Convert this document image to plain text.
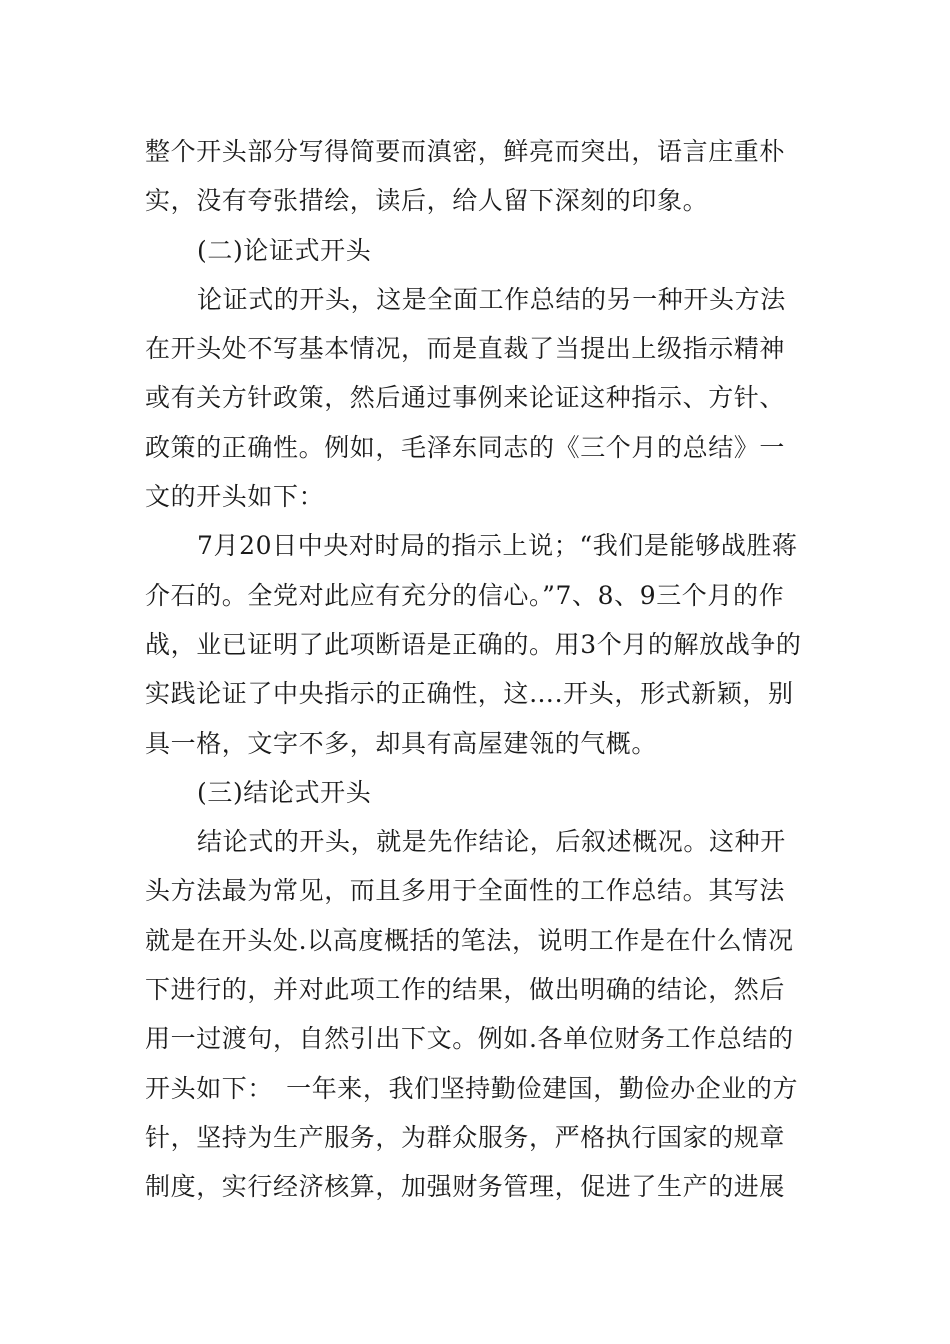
整个开头部分写得简要而滇密，鲜亮而突出，语言庄重朴
实，没有夸张措绘，读后，给人留下深刻的印象。
(二)论证式开头
论证式的开头，这是全面工作总结的另一种开头方法
在开头处不写基本情况，而是直裁了当提出上级指示精神
或有关方针政策，然后通过事例来论证这种指示、方针、
政策的正确性。例如，毛泽东同志的《三个月的总结》一
文的开头如下：
7月20日中央对时局的指示上说；“我们是能够战胜蒋
介石的。全党对此应有充分的信心。”7、8、9三个月的作
战，业已证明了此项断语是正确的。用3个月的解放战争的
实践论证了中央指示的正确性，这….开头，形式新颖，别
具一格，文字不多，却具有高屋建瓴的气概。
(三)结论式开头
结论式的开头，就是先作结论，后叙述概况。这种开
头方法最为常见，而且多用于全面性的工作总结。其写法
就是在开头处.以高度概括的笔法，说明工作是在什么情况
下进行的，并对此项工作的结果，做出明确的结论，然后
用一过渡句，自然引出下文。例如.各单位财务工作总结的
开头如下：　一年来，我们坚持勤俭建国，勤俭办企业的方
针，坚持为生产服务，为群众服务，严格执行国家的规章
制度，实行经济核算，加强财务管理，促进了生产的进展
